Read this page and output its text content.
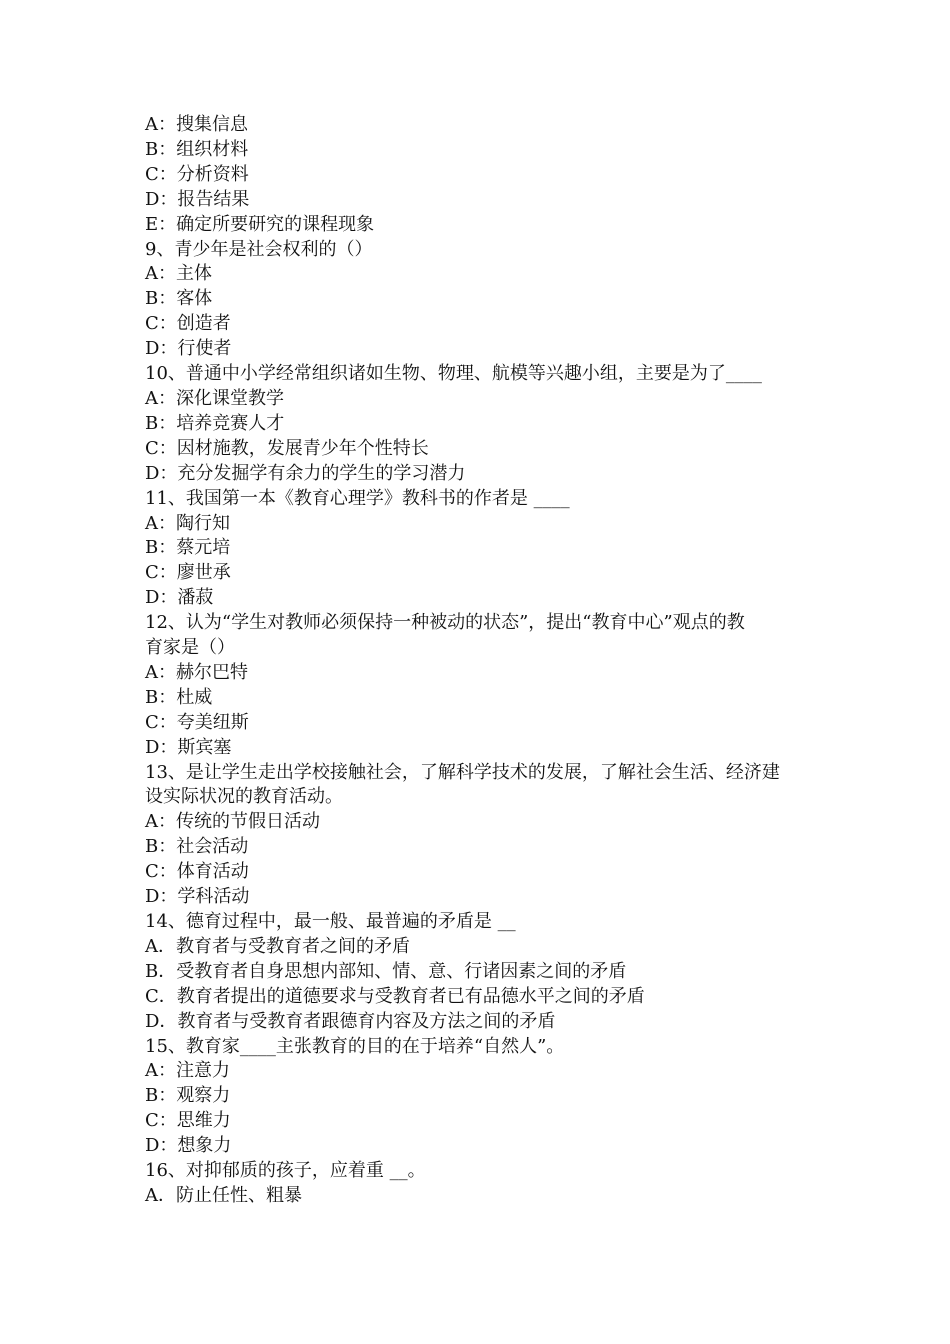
A：搜集信息

B：组织材料

C：分析资料

D：报告结果

E：确定所要研究的课程现象

9、青少年是社会权利的（）

A：主体

B：客体

C：创造者

D：行使者

10、普通中小学经常组织诸如生物、物理、航模等兴趣小组，主要是为了____

A：深化课堂教学

B：培养竞赛人才

C：因材施教，发展青少年个性特长

D：充分发掘学有余力的学生的学习潜力

11、我国第一本《教育心理学》教科书的作者是 ____

A：陶行知

B：蔡元培

C：廖世承

D：潘菽

12、认为“学生对教师必须保持一种被动的状态”，提出“教育中心”观点的教

育家是（）

A：赫尔巴特

B：杜威

C：夸美纽斯

D：斯宾塞

13、是让学生走出学校接触社会，了解科学技术的发展，了解社会生活、经济建

设实际状况的教育活动。

A：传统的节假日活动

B：社会活动

C：体育活动

D：学科活动

14、德育过程中，最一般、最普遍的矛盾是 __

A．教育者与受教育者之间的矛盾

B．受教育者自身思想内部知、情、意、行诸因素之间的矛盾

C．教育者提出的道德要求与受教育者已有品德水平之间的矛盾

D．教育者与受教育者跟德育内容及方法之间的矛盾

15、教育家____主张教育的目的在于培养“自然人”。

A：注意力

B：观察力

C：思维力

D：想象力

16、对抑郁质的孩子，应着重 __。

A．防止任性、粗暴
